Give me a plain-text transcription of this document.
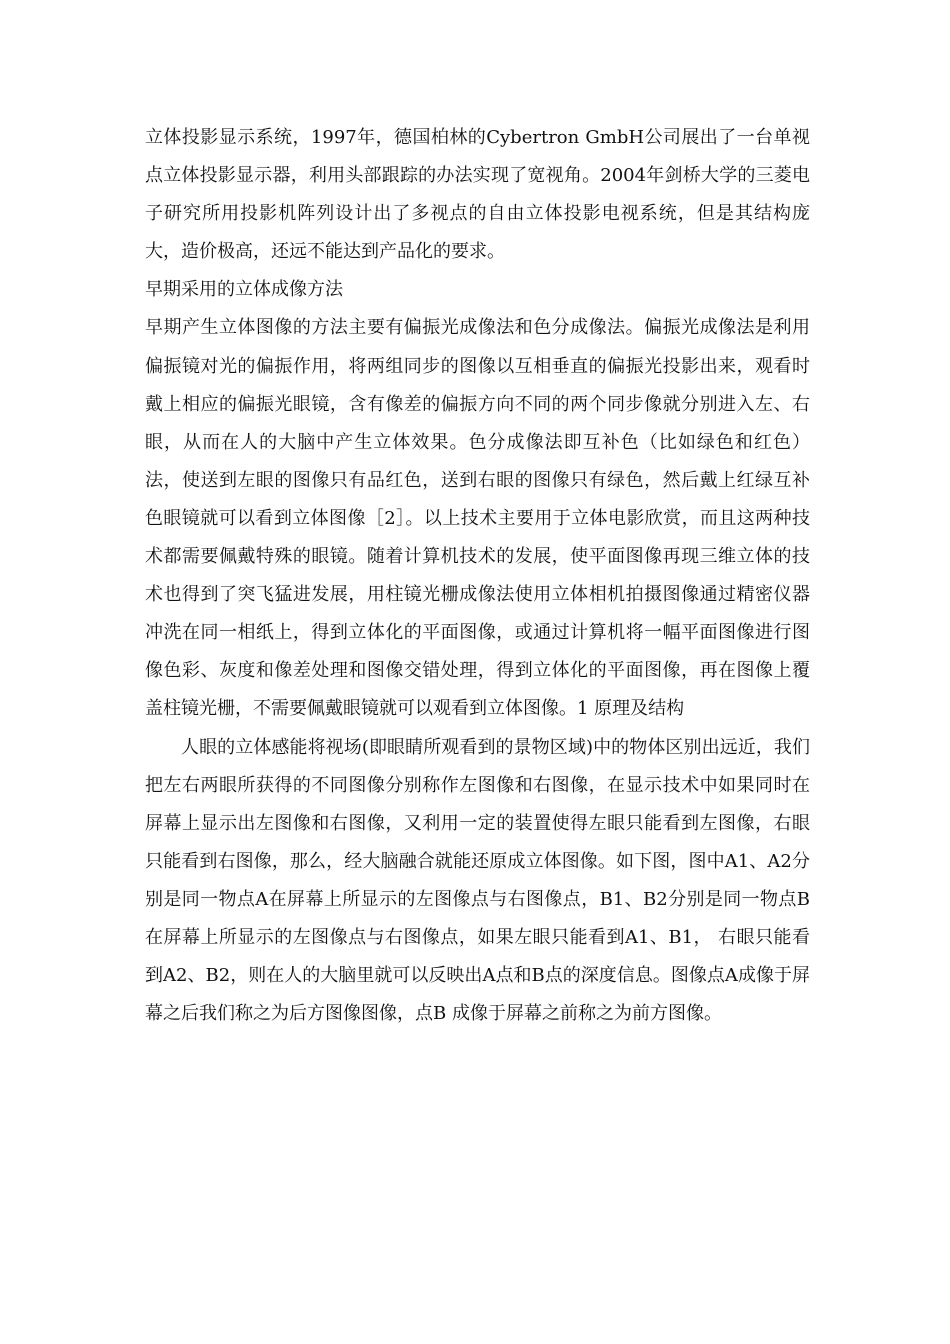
立体投影显示系统，1997年，德国柏林的Cybertron GmbH公司展出了一台单视点立体投影显示器，利用头部跟踪的办法实现了宽视角。2004年剑桥大学的三菱电子研究所用投影机阵列设计出了多视点的自由立体投影电视系统，但是其结构庞大，造价极高，还远不能达到产品化的要求。

早期采用的立体成像方法

早期产生立体图像的方法主要有偏振光成像法和色分成像法。偏振光成像法是利用偏振镜对光的偏振作用，将两组同步的图像以互相垂直的偏振光投影出来，观看时戴上相应的偏振光眼镜，含有像差的偏振方向不同的两个同步像就分别进入左、右眼，从而在人的大脑中产生立体效果。色分成像法即互补色（比如绿色和红色）法，使送到左眼的图像只有品红色，送到右眼的图像只有绿色，然后戴上红绿互补色眼镜就可以看到立体图像［2］。以上技术主要用于立体电影欣赏，而且这两种技术都需要佩戴特殊的眼镜。随着计算机技术的发展，使平面图像再现三维立体的技术也得到了突飞猛进发展，用柱镜光栅成像法使用立体相机拍摄图像通过精密仪器冲洗在同一相纸上，得到立体化的平面图像，或通过计算机将一幅平面图像进行图像色彩、灰度和像差处理和图像交错处理，得到立体化的平面图像，再在图像上覆盖柱镜光栅，不需要佩戴眼镜就可以观看到立体图像。1 原理及结构

人眼的立体感能将视场(即眼睛所观看到的景物区域)中的物体区别出远近，我们把左右两眼所获得的不同图像分别称作左图像和右图像，在显示技术中如果同时在屏幕上显示出左图像和右图像，又利用一定的装置使得左眼只能看到左图像，右眼只能看到右图像，那么，经大脑融合就能还原成立体图像。如下图，图中A1、A2分别是同一物点A在屏幕上所显示的左图像点与右图像点，B1、B2分别是同一物点B在屏幕上所显示的左图像点与右图像点，如果左眼只能看到A1、B1， 右眼只能看到A2、B2，则在人的大脑里就可以反映出A点和B点的深度信息。图像点A成像于屏幕之后我们称之为后方图像图像，点B 成像于屏幕之前称之为前方图像。
